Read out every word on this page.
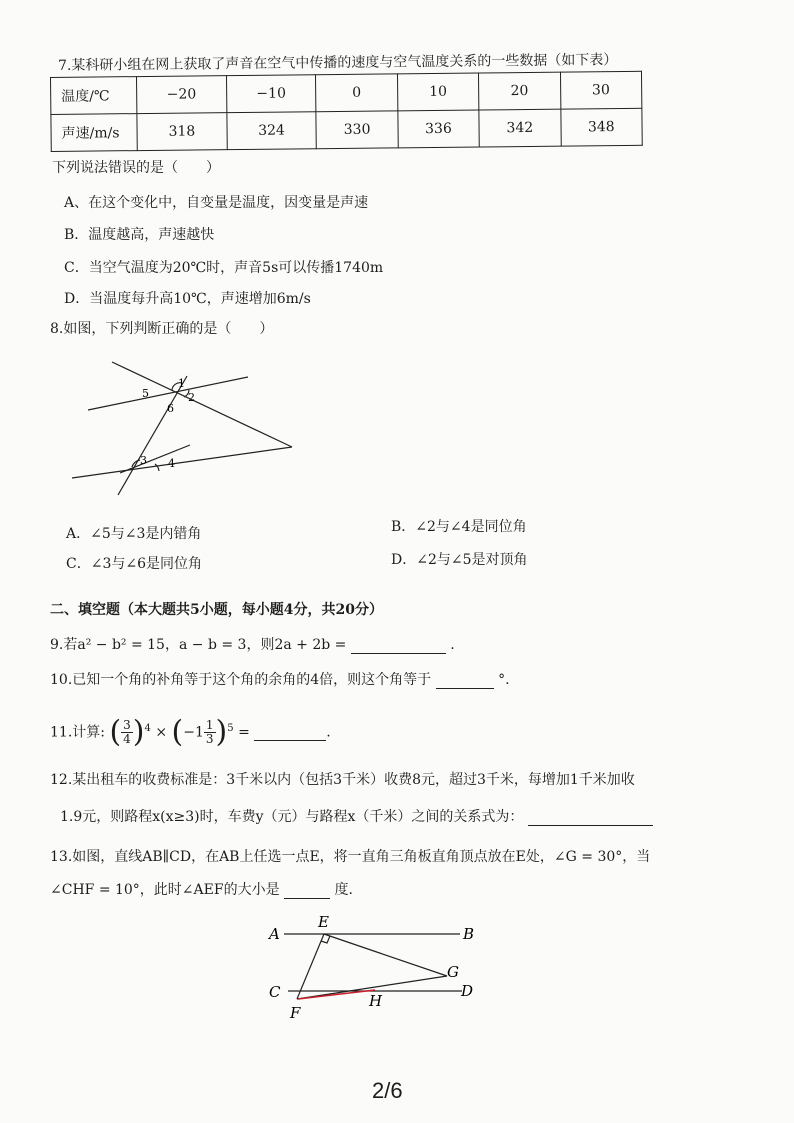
7.某科研小组在网上获取了声音在空气中传播的速度与空气温度关系的一些数据（如下表）
温度/℃	−20	−10	0	10	20	30
声速/m/s	318	324	330	336	342	348
下列说法错误的是（　　）
A、在这个变化中，自变量是温度，因变量是声速
B．温度越高，声速越快
C．当空气温度为20℃时，声音5s可以传播1740m
D．当温度每升高10℃，声速增加6m/s
8.如图，下列判断正确的是（　　）
1
2
3 4
5
6
A．∠5与∠3是内错角	B．∠2与∠4是同位角
C．∠3与∠6是同位角	D．∠2与∠5是对顶角
二、填空题（本大题共5小题，每小题4分，共20分）
9.若a² − b² = 15，a − b = 3，则2a + 2b =	.
10.已知一个角的补角等于这个角的余角的4倍，则这个角等于	°.
11.计算: ( $\frac{3}{4} )^4 \times (-1 \frac{1}{3} )^5$ =	.
12.某出租车的收费标准是：3千米以内（包括3千米）收费8元，超过3千米，每增加1千米加收
1.9元，则路程x(x≥3)时，车费y（元）与路程x（千米）之间的关系式为：
13.如图，直线AB∥CD，在AB上任选一点E，将一直角三角板直角顶点放在E处，∠G = 30°，当
∠CHF = 10°，此时∠AEF的大小是	度.
A
E
B
C	D
G
H
F
2/6
